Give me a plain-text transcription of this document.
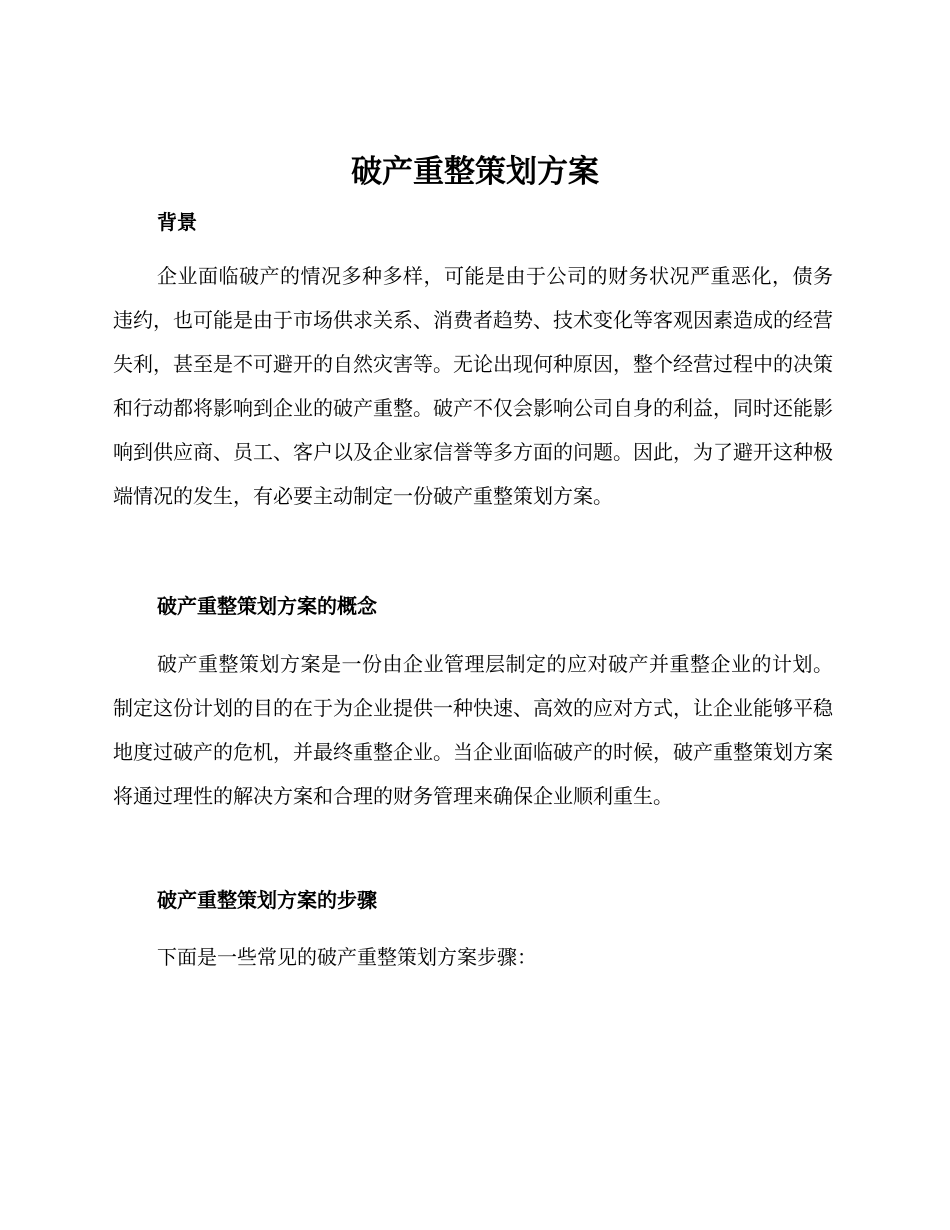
破产重整策划方案
背景

企业面临破产的情况多种多样，可能是由于公司的财务状况严重恶化，债务违约，也可能是由于市场供求关系、消费者趋势、技术变化等客观因素造成的经营失利，甚至是不可避开的自然灾害等。无论出现何种原因，整个经营过程中的决策和行动都将影响到企业的破产重整。破产不仅会影响公司自身的利益，同时还能影响到供应商、员工、客户以及企业家信誉等多方面的问题。因此，为了避开这种极端情况的发生，有必要主动制定一份破产重整策划方案。

破产重整策划方案的概念

破产重整策划方案是一份由企业管理层制定的应对破产并重整企业的计划。制定这份计划的目的在于为企业提供一种快速、高效的应对方式，让企业能够平稳地度过破产的危机，并最终重整企业。当企业面临破产的时候，破产重整策划方案将通过理性的解决方案和合理的财务管理来确保企业顺利重生。

破产重整策划方案的步骤

下面是一些常见的破产重整策划方案步骤：
